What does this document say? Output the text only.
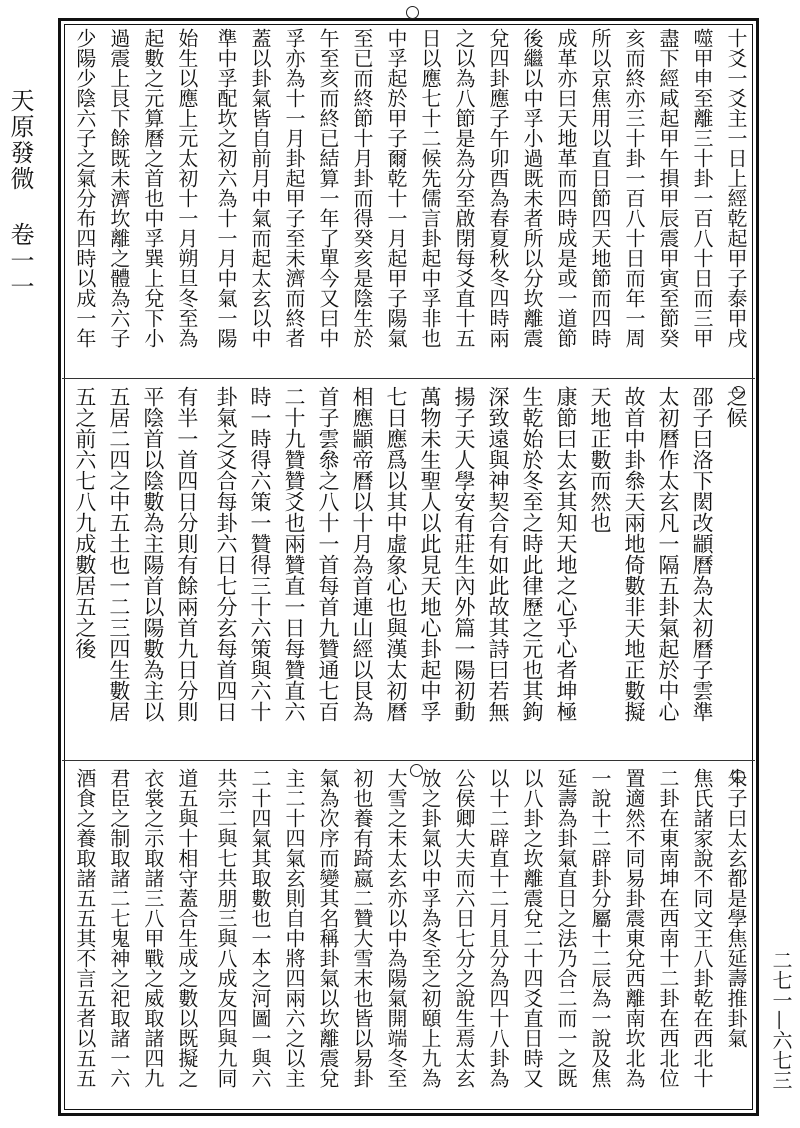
天原發微卷一一
二七一—六七三
十爻一爻主一日上經乾起甲子泰甲戌噬甲申至離三十卦一百八十日而三甲盡下經咸起甲午損甲辰震甲寅至節癸亥而終亦三十卦一百八十日而年一周所以京焦用以直日節四天地節而四時成革亦曰天地革而四時成是或一道節後繼以中孚小過既未者所以分坎離震兌四卦應子午卯酉為春夏秋冬四時兩之以為八節是為分至啟閉每爻直十五日以應七十二候先儒言卦起中孚非也中孚起於甲子爾乾十一月起甲子陽氣至已而終節十月卦而得癸亥是陰生於午至亥而終已結算一年了單今又曰中孚亦為十一月卦起甲子至未濟而終者蓋以卦氣皆自前月中氣而起太玄以中準中孚配坎之初六為十一月中氣一陽 始生以應上元太初十一月朔旦冬至為起數之元算曆之首也中孚巽上兌下小過震上艮下餘既未濟坎離之體為六子少陽少陰六子之氣分布四時以成一年
之候邵子曰洛下閎改顓曆為太初曆子雲準太初曆作太玄凡一隔五卦氣起於中心故首中卦叅天兩地倚數非天地正數擬天地正數而然也康節曰太玄其知天地之心乎心者坤極生乾始於冬至之時此律歷之元也其鉤深致遠與神契合有如此故其詩曰若無揚子天人學安有莊生內外篇一陽初動萬物未生聖人以此見天地心卦起中孚七日應爲以其中虛象心也與漢太初曆相應顓帝曆以十月為首連山經以艮為首子雲叅之八十一首每首九贊通七百二十九贊贊爻也兩贊直一日每贊直六時一時得六策一贊得三十六策與六十卦氣之爻合每卦六日七分玄每首四日 有半一首四日分則有餘兩首九日分則平陰首以陰數為主陽首以陽數為主以五居二四之中五土也一二三四生數居五之前六七八九成數居五之後
朱子曰太玄都是學焦延壽推卦氣焦氏諸家說不同文王八卦乾在西北十二卦在東南坤在西南十二卦在西北位置適然不同易卦震東兌西離南坎北為一說十二辟卦分屬十二辰為一說及焦延壽為卦氣直日之法乃合二而一之既以八卦之坎離震兌二十四爻直日時又以十二辟直十二月且分為四十八卦為公侯卿大夫而六日七分之說生焉太玄放之卦氣以中孚為冬至之初頤上九為大雪之末太玄亦以中為陽氣開端冬至初也養有踦嬴二贊大雪末也皆以易卦氣為次序而變其名稱卦氣以坎離震兌主二十四氣玄則自中將四兩六之以主二十四氣其取數也一本之河圖一與六共宗二與七共朋三與八成友四與九同 道五與十相守蓋合生成之數以既擬之衣裳之示取諸三八甲戰之威取諸四九君臣之制取諸二七鬼神之祀取諸一六酒食之養取諸五五其不言五者以五五
